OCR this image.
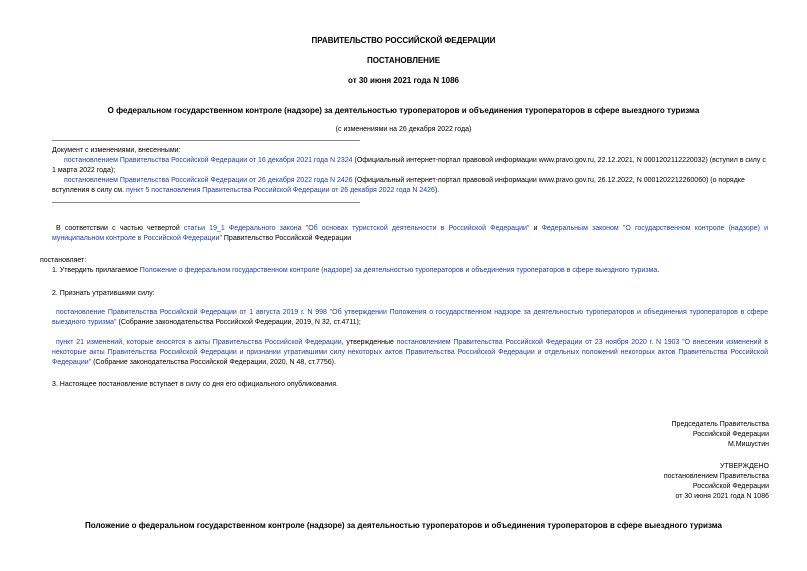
ПРАВИТЕЛЬСТВО РОССИЙСКОЙ ФЕДЕРАЦИИ
ПОСТАНОВЛЕНИЕ
от 30 июня 2021 года N 1086
О федеральном государственном контроле (надзоре) за деятельностью туроператоров и объединения туроператоров в сфере выездного туризма
(с изменениями на 26 декабря 2022 года)
Документ с изменениями, внесенными:
постановлением Правительства Российской Федерации от 16 декабря 2021 года N 2324 (Официальный интернет-портал правовой информации www.pravo.gov.ru, 22.12.2021, N 0001202112220032) (вступил в силу с 1 марта 2022 года);
постановлением Правительства Российской Федерации от 26 декабря 2022 года N 2426 (Официальный интернет-портал правовой информации www.pravo.gov.ru, 26.12.2022, N 0001202212260060) (о порядке вступления в силу см. пункт 5 постановления Правительства Российской Федерации от 26 декабря 2022 года N 2426).
В соответствии с частью четвертой статьи 19_1 Федерального закона "Об основах туристской деятельности в Российской Федерации" и Федеральным законом "О государственном контроле (надзоре) и муниципальном контроле в Российской Федерации" Правительство Российской Федерации
постановляет:
1. Утвердить прилагаемое Положение о федеральном государственном контроле (надзоре) за деятельностью туроператоров и объединения туроператоров в сфере выездного туризма.
2. Признать утратившими силу:
постановление Правительства Российской Федерации от 1 августа 2019 г. N 998 "Об утверждении Положения о государственном надзоре за деятельностью туроператоров и объединения туроператоров в сфере выездного туризма" (Собрание законодательства Российской Федерации, 2019, N 32, ст.4711);
пункт 21 изменений, которые вносятся в акты Правительства Российской Федерации, утвержденные постановлением Правительства Российской Федерации от 23 ноября 2020 г. N 1903 "О внесении изменений в некоторые акты Правительства Российской Федерации и признании утратившими силу некоторых актов Правительства Российской Федерации и отдельных положений некоторых актов Правительства Российской Федерации" (Собрание законодательства Российской Федерации, 2020, N 48, ст.7756).
3. Настоящее постановление вступает в силу со дня его официального опубликования.
Председатель Правительства
Российской Федерации
М.Мишустин
УТВЕРЖДЕНО
постановлением Правительства
Российской Федерации
от 30 июня 2021 года N 1086
Положение о федеральном государственном контроле (надзоре) за деятельностью туроператоров и объединения туроператоров в сфере выездного туризма
